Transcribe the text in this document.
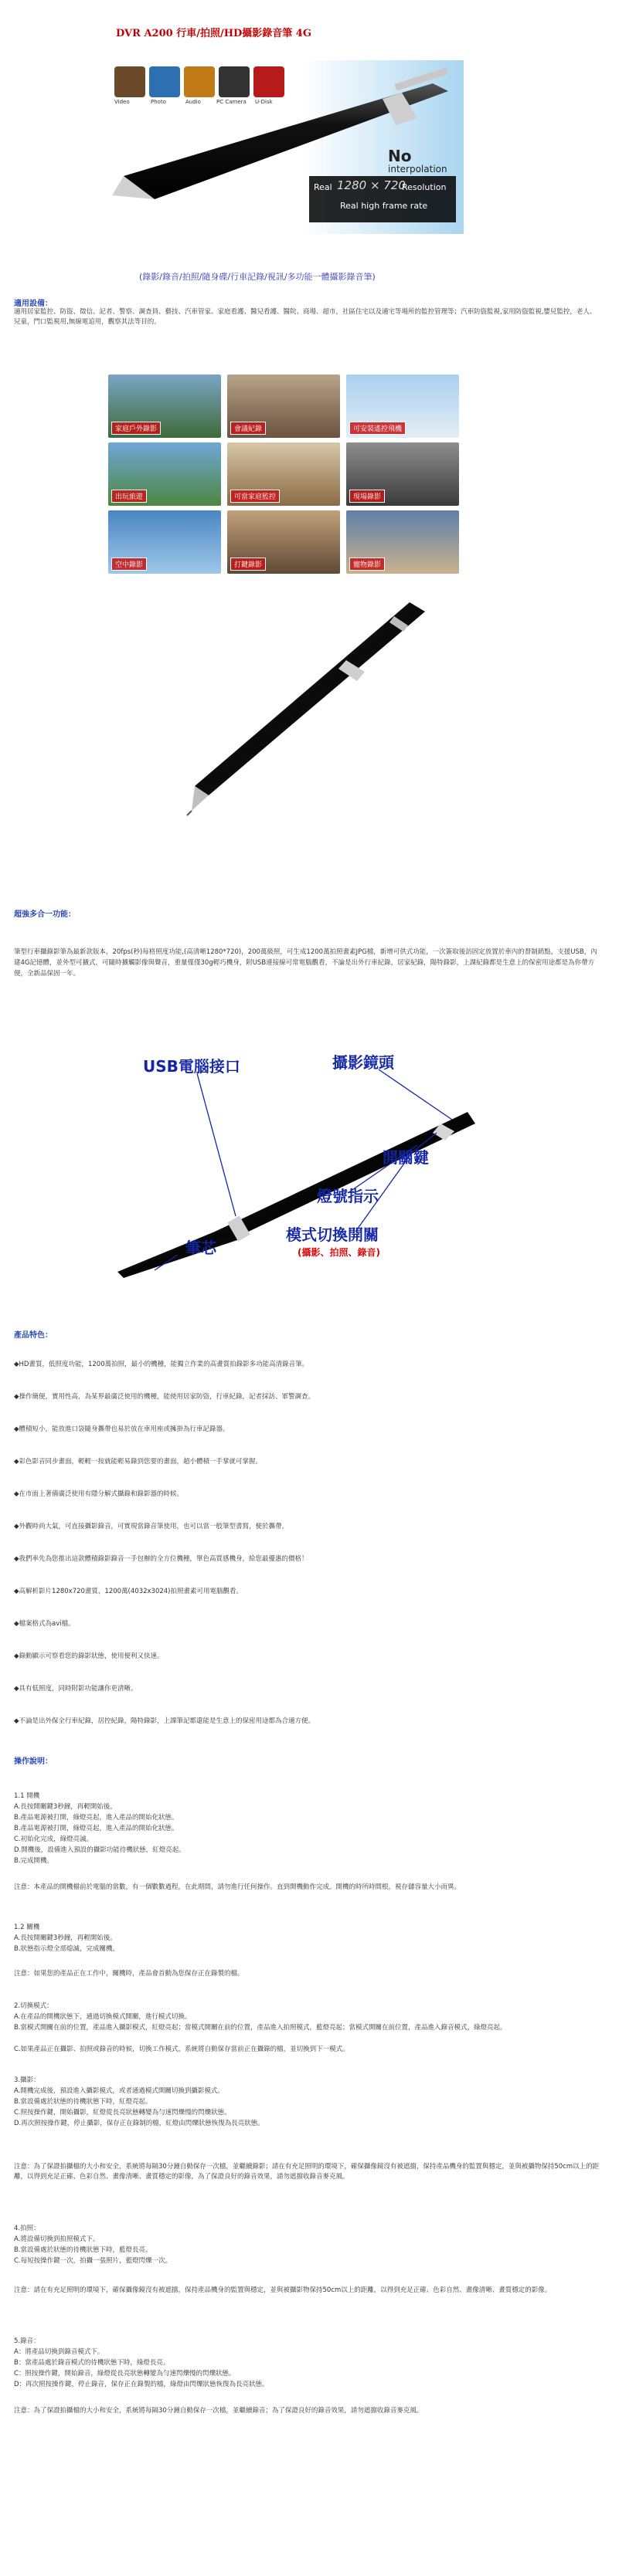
DVR A200 行車/拍照/HD攝影錄音筆 4G
Video	Photo	Audio	PC Camera U-Disk
No
interpolation
Real 1280 × 720
Resolution
Real high frame rate
(錄影/錄音/拍照/隨身碟/行車記錄/視訊/多功能一體攝影錄音筆)
適用設備：
適用居家監控、防盜、徵信、記者、警察、調查員、藝技、汽車管家、家庭看護、醫兒看護、醫院、商場、超市，社區住宅以及適宅等場所的監控管理等；汽車防盜監視,家用防盜監視,嬰兒監控，老人、兒童，門口監視用,無線電追用，觀察其法等目的。
家庭戶外錄影	會議紀錄	可安裝遙控飛機
出玩旅遊	可當家庭監控	現場錄影
空中錄影	打鍵錄影	寵物錄影
超強多合一功能：
筆型行車攝錄影筆為最新款版本，20fps(秒)每格照度功能,(高清晰1280*720)，200萬級照，可生成1200萬拍照畫素JPG檔，新增可供式功能，一次簽取後訪固定放置於車內的督制銷點，支援USB，內建4G記憶體，並外型可擴式，可隨時擴觸影像與聲音，重量僅僅30g輕巧機身，附USB連接線可常電腦觀看，不論是出外行車紀錄，居家紀錄，陽特錄影，上課紀錄都是生意上的保密用途都是為你帶方便，全新品保固一年。
USB電腦接口	攝影鏡頭
開關鍵
燈號指示
模式切換開關
(攝影、拍照、錄音)
筆芯
產品特色：
◆HD畫質，低照度功能，1200萬拍照，最小的機種，能獨立作業的高畫質拍錄影多功能高清錄音筆。
◆操作簡便，實用性高，為某界最廣泛使用的機種，能使用居家防盜，行車紀錄，記者採訪、軍警調查。
◆體積短小，能放進口袋隨身攜帶也易於放在車用座或擁掛為行車記錄器。
◆彩色影音同步畫面，輕輕一按就能輕易錄到您要的畫面，超小體積一手掌就可掌握。
◆在市面上著備廣泛使用有隱分解式攝錄和錄影器的時候。
◆外觀時尚大氣，可直接攝影錄音，可實現當錄音筆使用，也可以當一般筆型書寫，便於攜帶。
◆我們率先為您推出這款體積錄影錄音一手包辦的全方位機種，單色高質感機身，給您最優惠的價格！
◆高解析影片1280x720畫質，1200萬(4032x3024)拍照畫素可用電腦觀看。
◆檔案格式為avi檔。
◆錄動顯示可察看您的錄影狀態，使用便利又快速。
◆具有低照度，同時附影功能讓你更清晰。
◆不論是出外保全行車紀錄，居控紀錄，陽特錄影，上課筆記都還能是生意上的保密用途都為合適方便。
操作說明：
1.1 開機
A.長按開關鍵3秒鐘，再輕開始後。
B.產品電源被打開，綠燈亮起，進入產品的開始化狀態。
B.產品電源被打開，綠燈亮起，進入產品的開始化狀態。
C.初始化完成，綠燈亮滅。
D.開機後，設備進入預設的攝影功能待機狀態，紅燈亮起。
B.完成開機。
注意：本產品的開機檔前於電腦的當數，有一個數數過程，在此期間，請勿進行任何操作。直到開機動作完成。開機的時所時間根，視存儲容量大小而異。
1.2 關機
A.長按開關鍵3秒鐘，再輕開始後。
B.狀態指示燈全部熄滅，完成關機。
注意：如果您的產品正在工作中，關機時，產品會首動為您保存正在錄製的檔。
2.切換模式：
A.在產品的開機狀態下，通過切換模式開關，進行模式切換。
B.當模式開關在前的位置，產品進入攝影模式，紅燈亮起；當模式開關在前的位置，產品進入拍照模式，藍燈亮起；當模式開關在前位置，產品進入錄音模式，綠燈亮起。
C.如果產品正在攝影、拍照或錄音的時候，切換工作模式，系統將自動保存當前正在攝錄的檔，並切換到下一模式。
3.攝影：
A.開機完成後，預設進入攝影模式，或者通過模式開關切換到攝影模式。
B.當設備處於狀態的待機狀態下時，紅燈亮起。
C.照按操作鍵，開始攝影，紅燈從長亮狀態轉變為勻速閃爍慢的閃爍狀態。
D.再次照按操作鍵，停止攝影，保存正在錄制的檔，紅燈由閃爍狀態恢復為長亮狀態。
注意：為了保證拍攝檔的大小和安全，系統將每隔30分鐘自動保存一次檔，並繼續錄影；請在有充足照明的環境下，確保攝像鏡沒有被遮擋，保持產品機身的監置與穩定，並與被攝物保持50cm以上的距離，以得到充足正確、色彩自然、畫像清晰、畫質穩定的影像，為了保證良好的錄音效果，請勿遮擋收錄音麥克風。
4.拍照：
A.將設備切換到拍照模式下。
B.當設備處於狀態的待機狀態下時，藍燈長亮。
C.每短按操作鍵一次，拍攝一張照片，藍燈閃爍一次。
注意：請在有充足照明的環境下，確保攝像鏡沒有被遮擋，保持產品機身的監置與穩定，並與被攝影物保持50cm以上的距離，以得到充足正確、色彩自然、畫像清晰、畫質穩定的影像。
5.錄音：
A：將產品切換到錄音模式下。
B：當產品處於錄音模式的待機狀態下時，綠燈長亮。
C：照按操作鍵，開始錄音，綠燈從長亮狀態轉變為勻速閃爍慢的閃爍狀態。
D：再次照按操作鍵，停止錄音，保存正在錄製的檔，綠燈由閃爍狀態恢復為長亮狀態。
注意：為了保證拍攝檔的大小和安全，系統將每隔30分鐘自動保存一次檔，並繼續錄音；為了保證良好的錄音效果，請勿遮擋收錄音麥克風。
